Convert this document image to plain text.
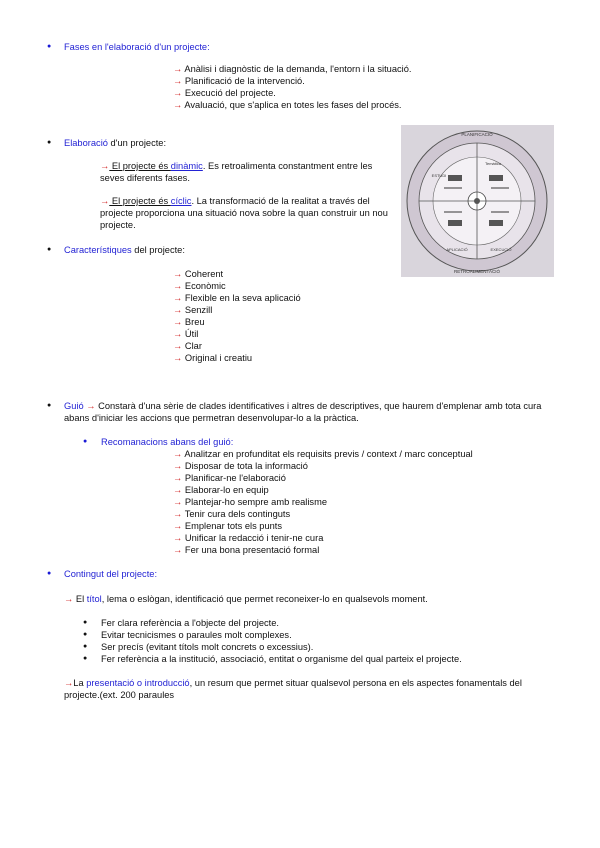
● Fases en l'elaboració d'un projecte:
→ Anàlisi i diagnòstic de la demanda, l'entorn i la situació.
→ Planificació de la intervenció.
→ Execució del projecte.
→ Avaluació, que s'aplica en totes les fases del procés.
● Elaboració d'un projecte:
→ El projecte és dinàmic. Es retroalimenta constantment entre les
seves diferents fases.
→ El projecte és cíclic. La transformació de la realitat a través del
projecte proporciona una situació nova sobre la quan construir un nou
projecte.
PLANIFICACIÓ
RETROALIMENTACIÓ
Temàtica
ESTUDI
APLICACIÓ	EXECUCIÓ
● Característiques del projecte:
→ Coherent
→ Econòmic
→ Flexible en la seva aplicació
→ Senzill
→ Breu
→ Útil
→ Clar
→ Original i creatiu
● Guió → Constarà d'una sèrie de clades identificatives i altres de descriptives, que haurem d'emplenar amb tota cura
abans d'iniciar les accions que permetran desenvolupar-lo a la pràctica.
● Recomanacions abans del guió:
→ Analitzar en profunditat els requisits previs / context / marc conceptual
→ Disposar de tota la informació
→ Planificar-ne l'elaboració
→ Elaborar-lo en equip
→ Plantejar-ho sempre amb realisme
→ Tenir cura dels continguts
→ Emplenar tots els punts
→ Unificar la redacció i tenir-ne cura
→ Fer una bona presentació formal
● Contingut del projecte:
→ El títol, lema o eslògan, identificació que permet reconeixer-lo en qualsevols moment.
● Fer clara referència a l'objecte del projecte.
● Evitar tecnicismes o paraules molt complexes.
● Ser precís (evitant títols molt concrets o excessius).
● Fer referència a la institució, associació, entitat o organisme del qual parteix el projecte.
→La presentació o introducció, un resum que permet situar qualsevol persona en els aspectes fonamentals del
projecte.(ext. 200 paraules
